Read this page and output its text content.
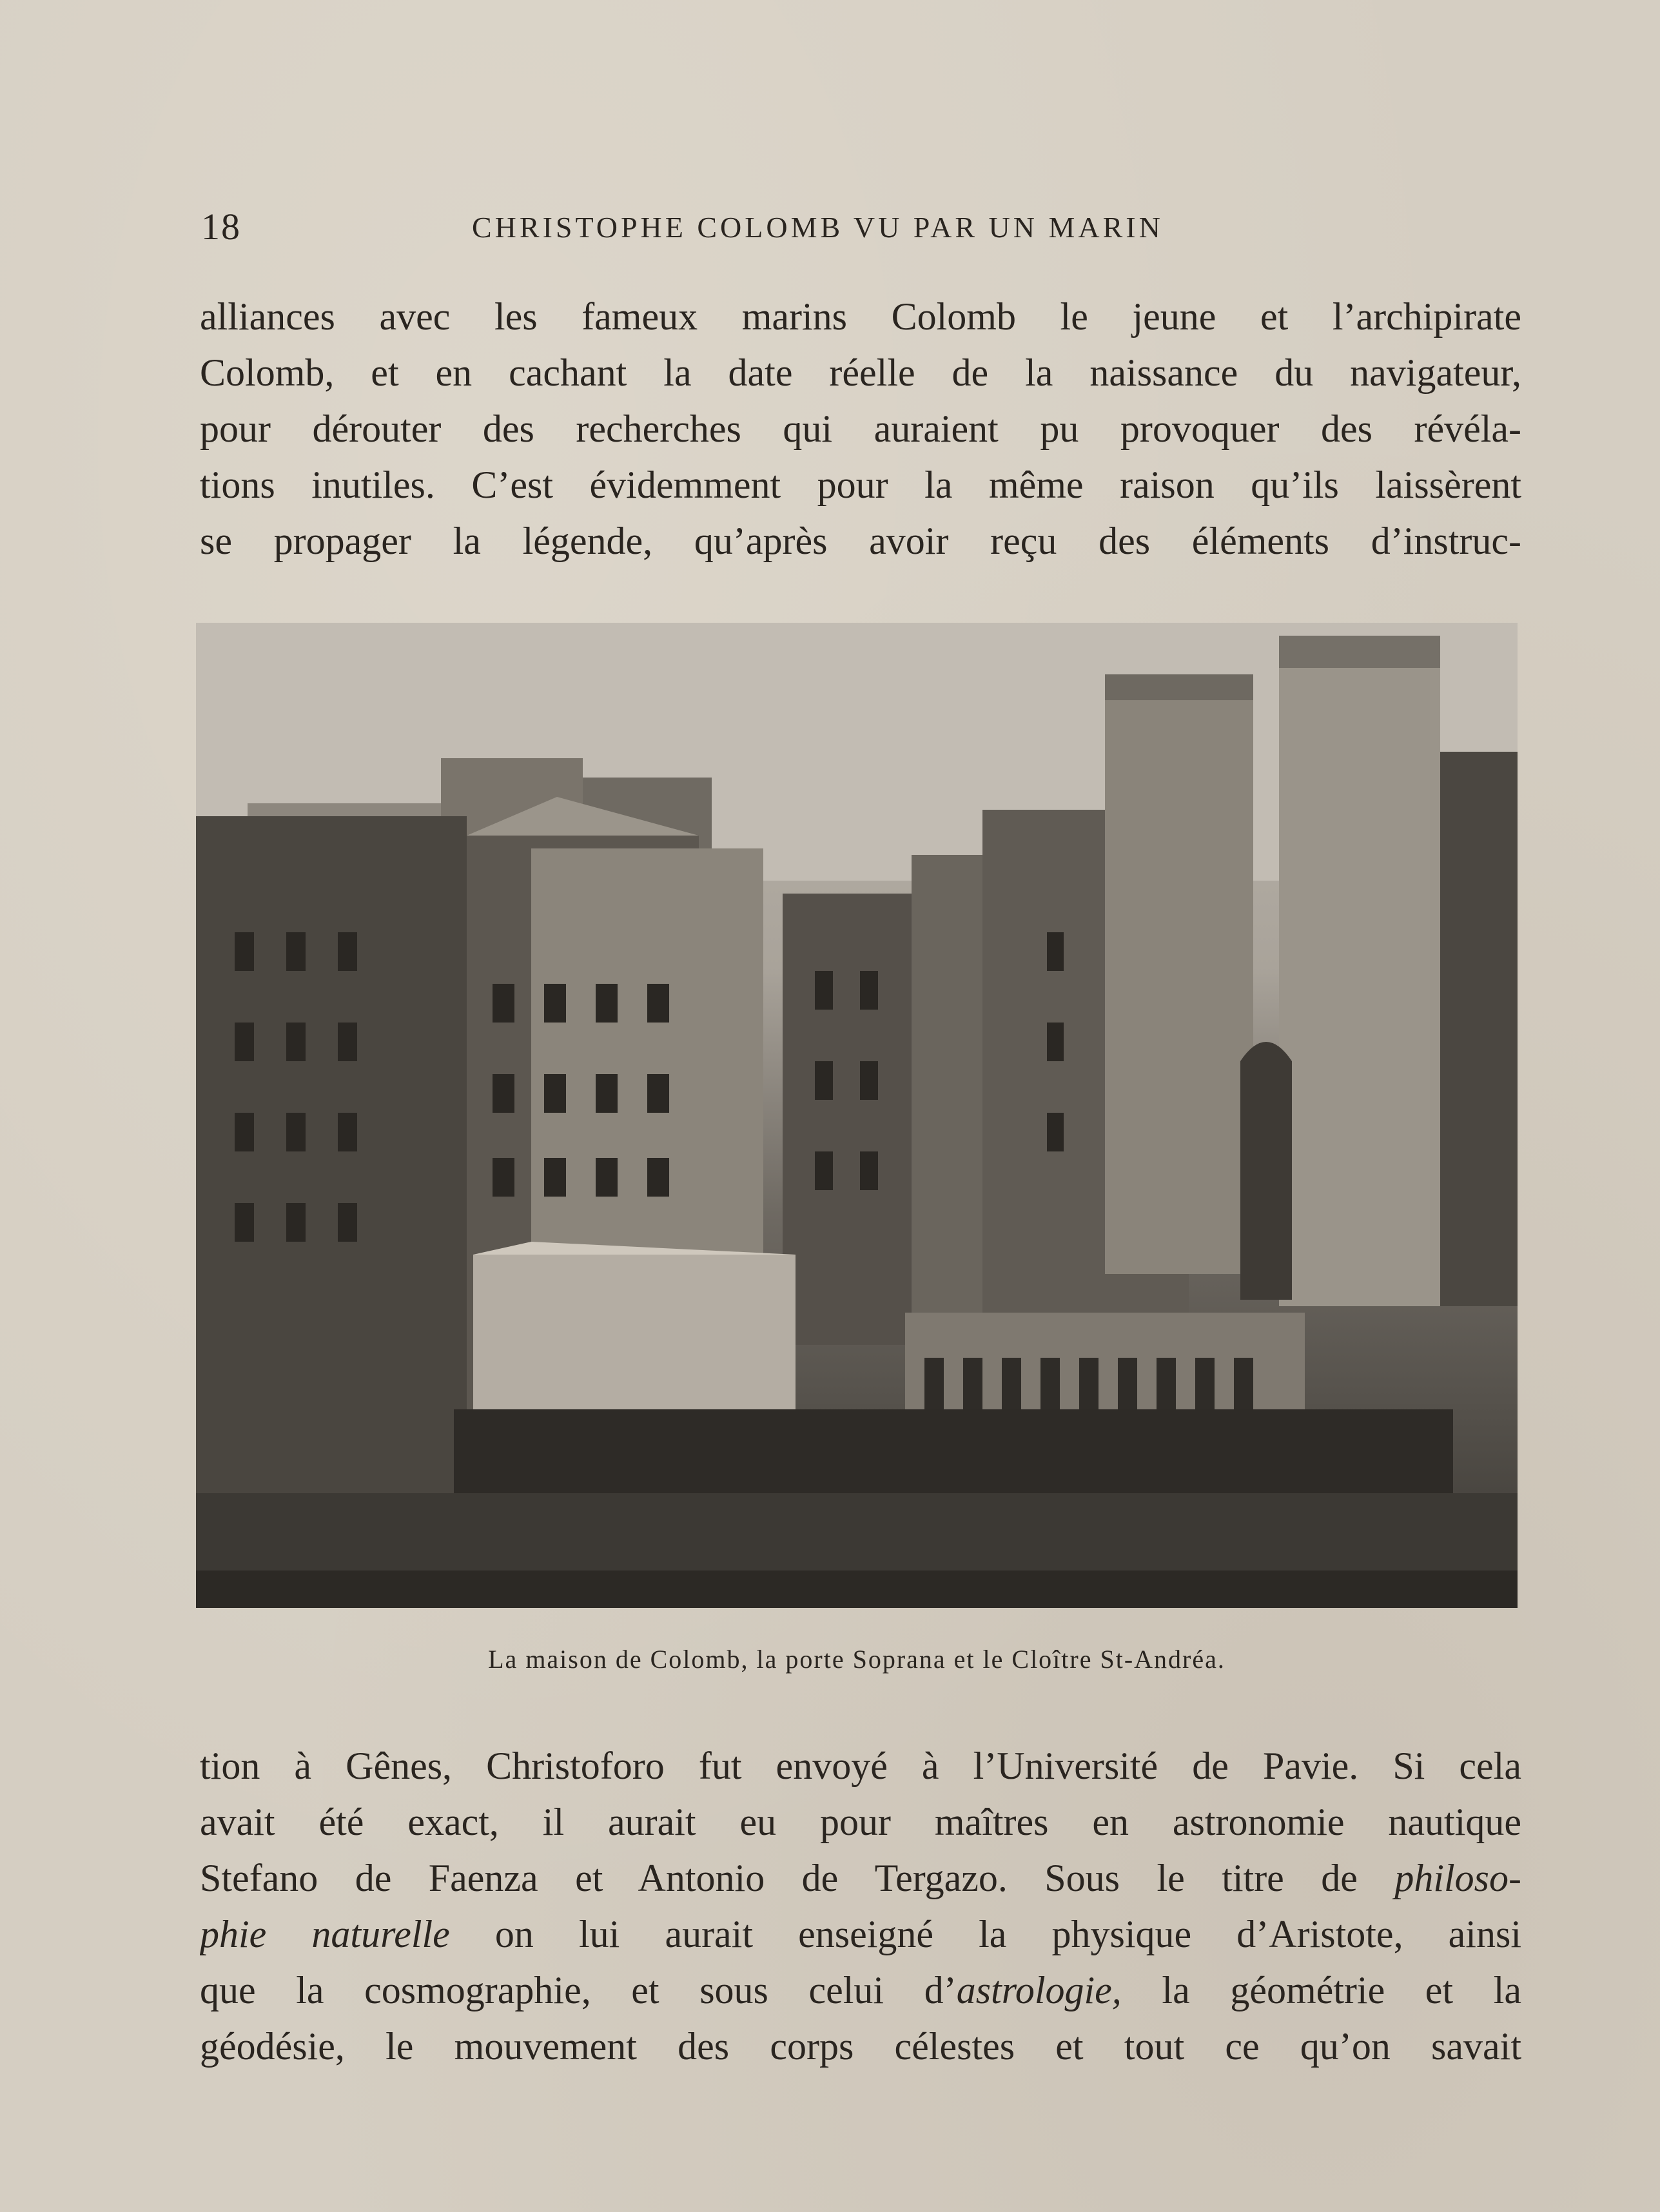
18	CHRISTOPHE COLOMB VU PAR UN MARIN
alliances avec les fameux marins Colomb le jeune et l’archipirate
Colomb, et en cachant la date réelle de la naissance du navigateur,
pour dérouter des recherches qui auraient pu provoquer des révéla-
tions inutiles. C’est évidemment pour la même raison qu’ils laissèrent
se propager la légende, qu’après avoir reçu des éléments d’instruc-
La maison de Colomb, la porte Soprana et le Cloître St-Andréa.
tion à Gênes, Christoforo fut envoyé à l’Université de Pavie. Si cela
avait été exact, il aurait eu pour maîtres en astronomie nautique
Stefano de Faenza et Antonio de Tergazo. Sous le titre de philoso-
phie naturelle on lui aurait enseigné la physique d’Aristote, ainsi
que la cosmographie, et sous celui d’astrologie, la géométrie et la
géodésie, le mouvement des corps célestes et tout ce qu’on savait
